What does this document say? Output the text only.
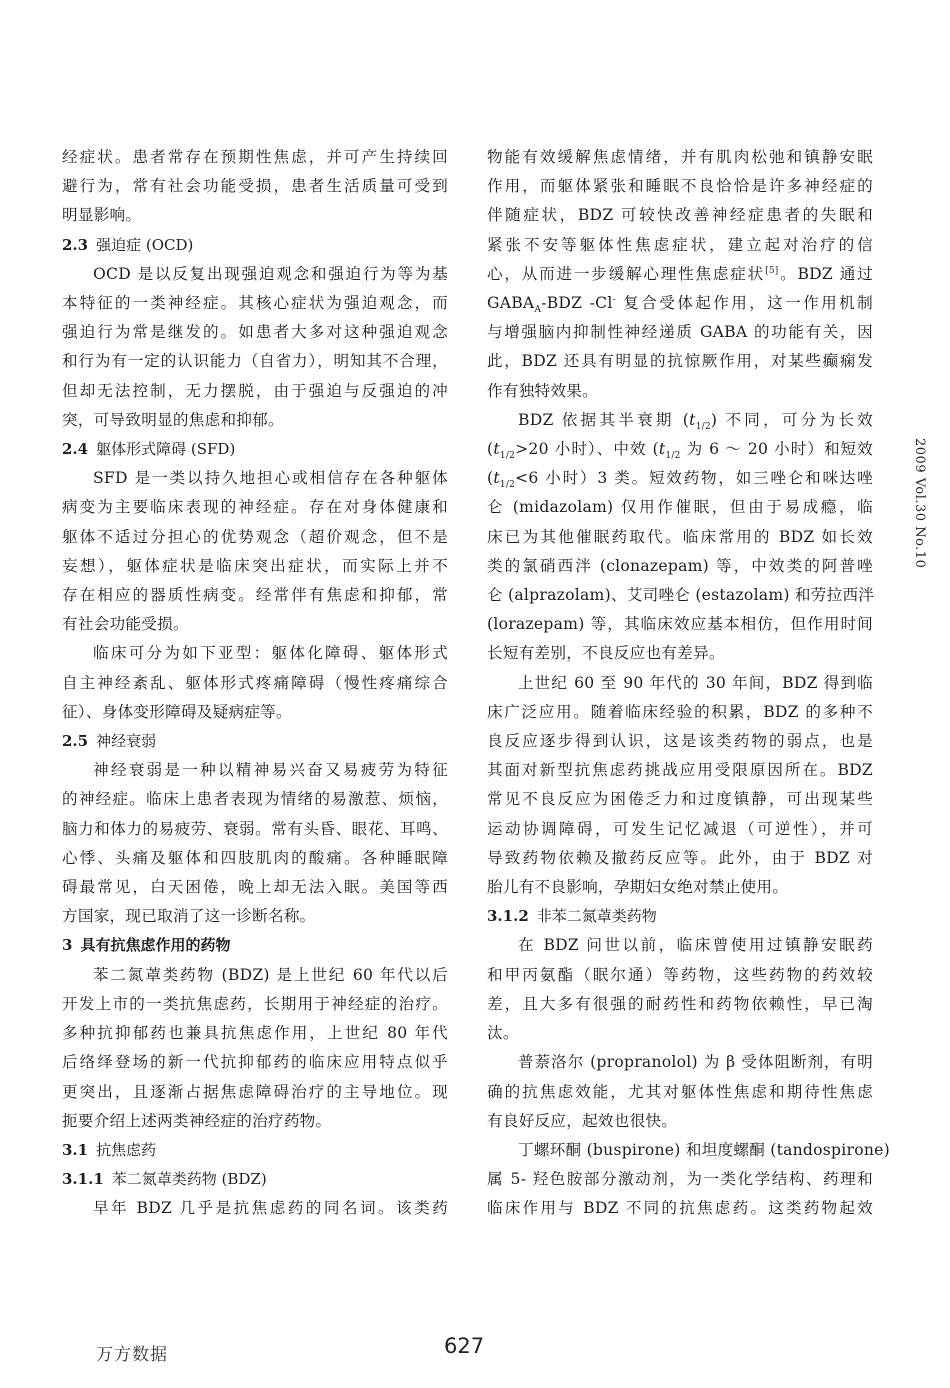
经症状。患者常存在预期性焦虑，并可产生持续回

避行为，常有社会功能受损，患者生活质量可受到

明显影响。

2.3 强迫症 (OCD)

OCD 是以反复出现强迫观念和强迫行为等为基

本特征的一类神经症。其核心症状为强迫观念，而

强迫行为常是继发的。如患者大多对这种强迫观念

和行为有一定的认识能力（自省力），明知其不合理，

但却无法控制，无力摆脱，由于强迫与反强迫的冲

突，可导致明显的焦虑和抑郁。

2.4 躯体形式障碍 (SFD)

SFD 是一类以持久地担心或相信存在各种躯体

病变为主要临床表现的神经症。存在对身体健康和

躯体不适过分担心的优势观念（超价观念，但不是

妄想），躯体症状是临床突出症状，而实际上并不

存在相应的器质性病变。经常伴有焦虑和抑郁，常

有社会功能受损。

临床可分为如下亚型：躯体化障碍、躯体形式

自主神经紊乱、躯体形式疼痛障碍（慢性疼痛综合

征）、身体变形障碍及疑病症等。

2.5 神经衰弱

神经衰弱是一种以精神易兴奋又易疲劳为特征

的神经症。临床上患者表现为情绪的易激惹、烦恼，

脑力和体力的易疲劳、衰弱。常有头昏、眼花、耳鸣、

心悸、头痛及躯体和四肢肌肉的酸痛。各种睡眠障

碍最常见，白天困倦，晚上却无法入眠。美国等西

方国家，现已取消了这一诊断名称。

3 具有抗焦虑作用的药物

苯二氮䓬类药物 (BDZ) 是上世纪 60 年代以后

开发上市的一类抗焦虑药，长期用于神经症的治疗。

多种抗抑郁药也兼具抗焦虑作用，上世纪 80 年代

后络绎登场的新一代抗抑郁药的临床应用特点似乎

更突出，且逐渐占据焦虑障碍治疗的主导地位。现

扼要介绍上述两类神经症的治疗药物。

3.1 抗焦虑药

3.1.1 苯二氮䓬类药物 (BDZ)

早年 BDZ 几乎是抗焦虑药的同名词。该类药

物能有效缓解焦虑情绪，并有肌肉松弛和镇静安眠

作用，而躯体紧张和睡眠不良恰恰是许多神经症的

伴随症状，BDZ 可较快改善神经症患者的失眠和

紧张不安等躯体性焦虑症状，建立起对治疗的信

心，从而进一步缓解心理性焦虑症状[5]。BDZ 通过

$GABA_A$-BDZ -Cl- 复合受体起作用，这一作用机制

与增强脑内抑制性神经递质 GABA 的功能有关，因

此，BDZ 还具有明显的抗惊厥作用，对某些癫痫发

作有独特效果。

BDZ 依据其半衰期 $(t_{1/2})$ 不同，可分为长效

($t_{1/2}>20$ 小时）、中效 ($t_{1/2}$ 为 6 ～ 20 小时）和短效

($t_{1/2}<6$ 小时）3 类。短效药物，如三唑仑和咪达唑

仑 (midazolam) 仅用作催眠，但由于易成瘾，临

床已为其他催眠药取代。临床常用的 BDZ 如长效

类的氯硝西泮 (clonazepam) 等，中效类的阿普唑

仑 (alprazolam)、艾司唑仑 (estazolam) 和劳拉西泮

(lorazepam) 等，其临床效应基本相仿，但作用时间

长短有差别，不良反应也有差异。

上世纪 60 至 90 年代的 30 年间，BDZ 得到临

床广泛应用。随着临床经验的积累，BDZ 的多种不

良反应逐步得到认识，这是该类药物的弱点，也是

其面对新型抗焦虑药挑战应用受限原因所在。BDZ

常见不良反应为困倦乏力和过度镇静，可出现某些

运动协调障碍，可发生记忆减退（可逆性），并可

导致药物依赖及撤药反应等。此外，由于 BDZ 对

胎儿有不良影响，孕期妇女绝对禁止使用。

3.1.2 非苯二氮䓬类药物

在 BDZ 问世以前，临床曾使用过镇静安眠药

和甲丙氨酯（眠尔通）等药物，这些药物的药效较

差，且大多有很强的耐药性和药物依赖性，早已淘

汰。

普萘洛尔 (propranolol) 为 β 受体阻断剂，有明

确的抗焦虑效能，尤其对躯体性焦虑和期待性焦虑

有良好反应，起效也很快。

丁螺环酮 (buspirone) 和坦度螺酮 (tandospirone)

属 5- 羟色胺部分激动剂，为一类化学结构、药理和

临床作用与 BDZ 不同的抗焦虑药。这类药物起效

2009 Vol.30 No.10
万方数据	627
